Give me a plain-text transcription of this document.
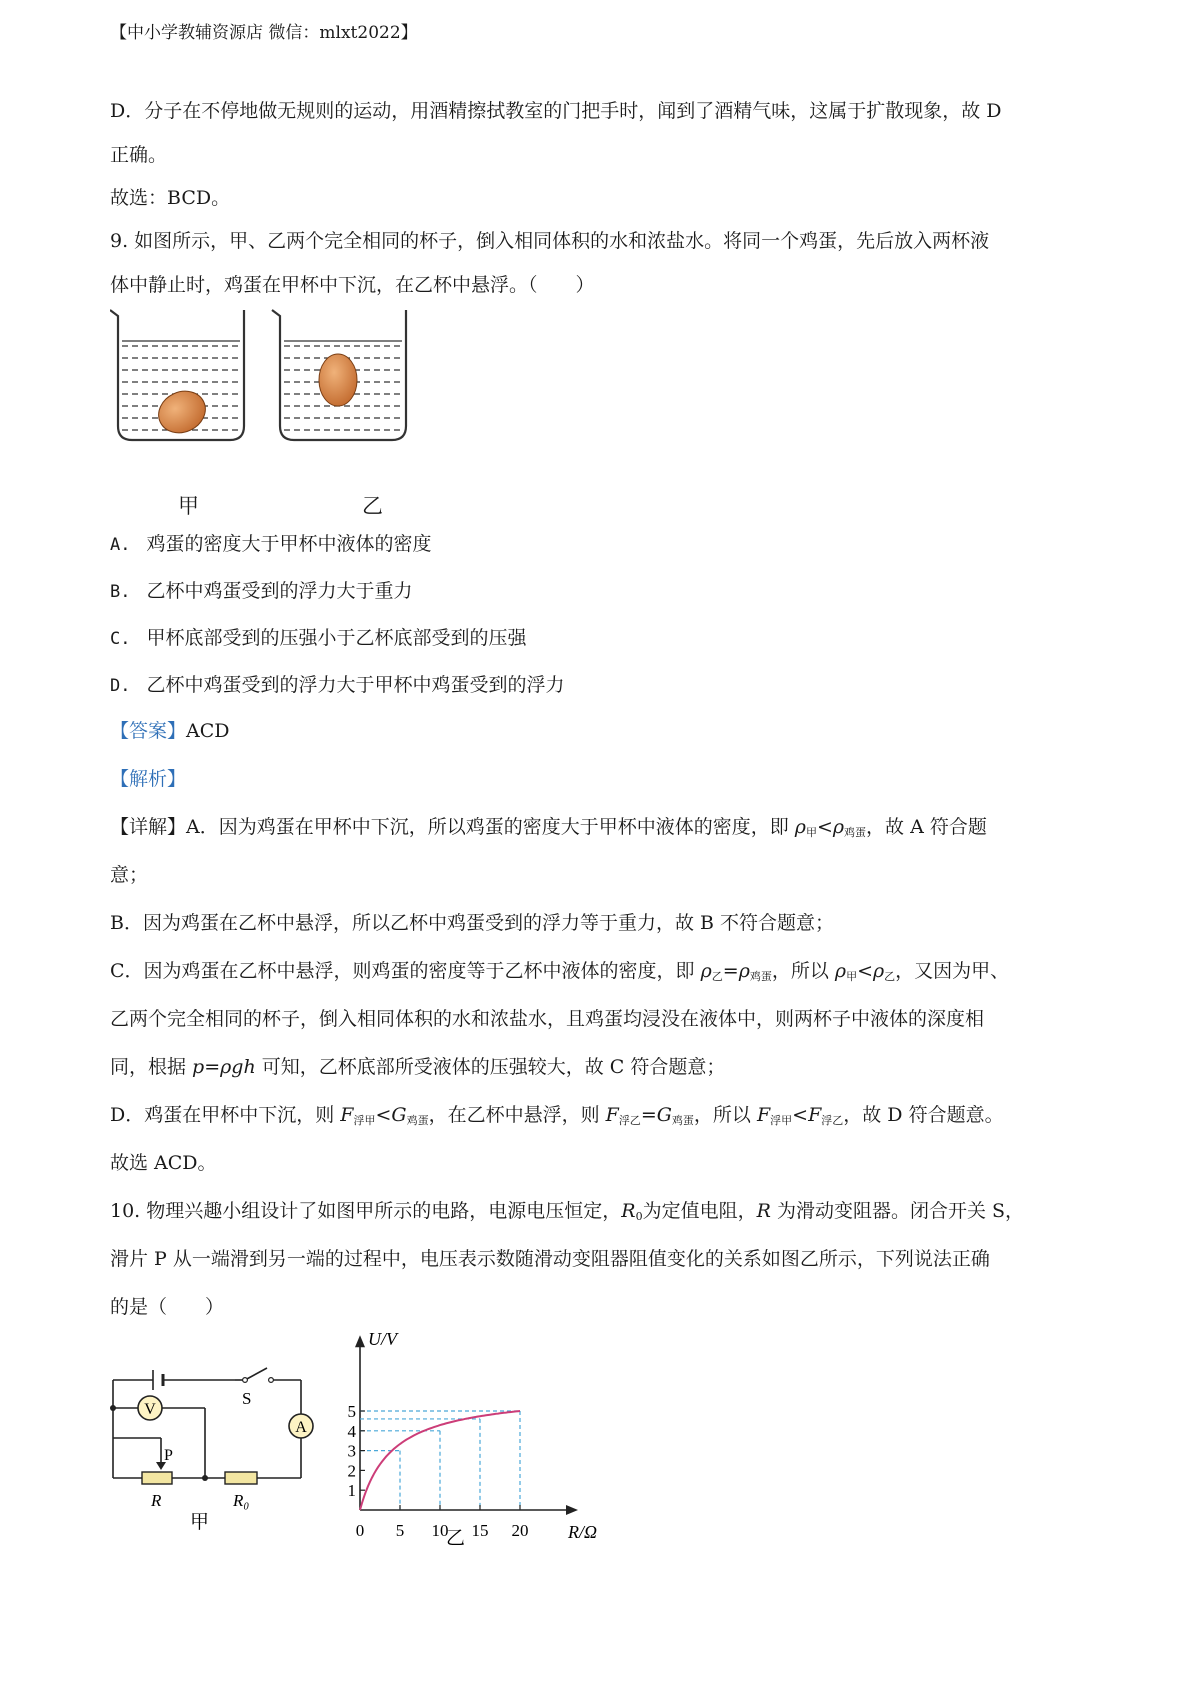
【中小学教辅资源店 微信：mlxt2022】
D．分子在不停地做无规则的运动，用酒精擦拭教室的门把手时，闻到了酒精气味，这属于扩散现象，故 D
正确。
故选：BCD。
9. 如图所示，甲、乙两个完全相同的杯子，倒入相同体积的水和浓盐水。将同一个鸡蛋，先后放入两杯液
体中静止时，鸡蛋在甲杯中下沉，在乙杯中悬浮。（　　）
甲	乙
A. 鸡蛋的密度大于甲杯中液体的密度
B. 乙杯中鸡蛋受到的浮力大于重力
C. 甲杯底部受到的压强小于乙杯底部受到的压强
D. 乙杯中鸡蛋受到的浮力大于甲杯中鸡蛋受到的浮力
【答案】ACD
【解析】
【详解】A．因为鸡蛋在甲杯中下沉，所以鸡蛋的密度大于甲杯中液体的密度，即 $\rho_甲<\rho_{鸡蛋}$，故 A 符合题
意；
B．因为鸡蛋在乙杯中悬浮，所以乙杯中鸡蛋受到的浮力等于重力，故 B 不符合题意；
C．因为鸡蛋在乙杯中悬浮，则鸡蛋的密度等于乙杯中液体的密度，即 $\rho_乙=\rho_{鸡蛋}$，所以 $\rho_甲<\rho_乙$，又因为甲、
乙两个完全相同的杯子，倒入相同体积的水和浓盐水，且鸡蛋均浸没在液体中，则两杯子中液体的深度相
同，根据 p=ρgh 可知，乙杯底部所受液体的压强较大，故 C 符合题意；
D．鸡蛋在甲杯中下沉，则 $F_{浮甲}<G_{鸡蛋}$，在乙杯中悬浮，则 $F_{浮乙}=G_{鸡蛋}$，所以 $F_{浮甲}<F_{浮乙}$，故 D 符合题意。
故选 ACD。
10. 物理兴趣小组设计了如图甲所示的电路，电源电压恒定，$R_0$为定值电阻，R 为滑动变阻器。闭合开关 S，
滑片 P 从一端滑到另一端的过程中，电压表示数随滑动变阻器阻值变化的关系如图乙所示，下列说法正确
的是（　　）
V
A
S
P
R	R₀
甲	0 5 10 15 20
1
2
3
4
5
U/V
R/Ω
乙
